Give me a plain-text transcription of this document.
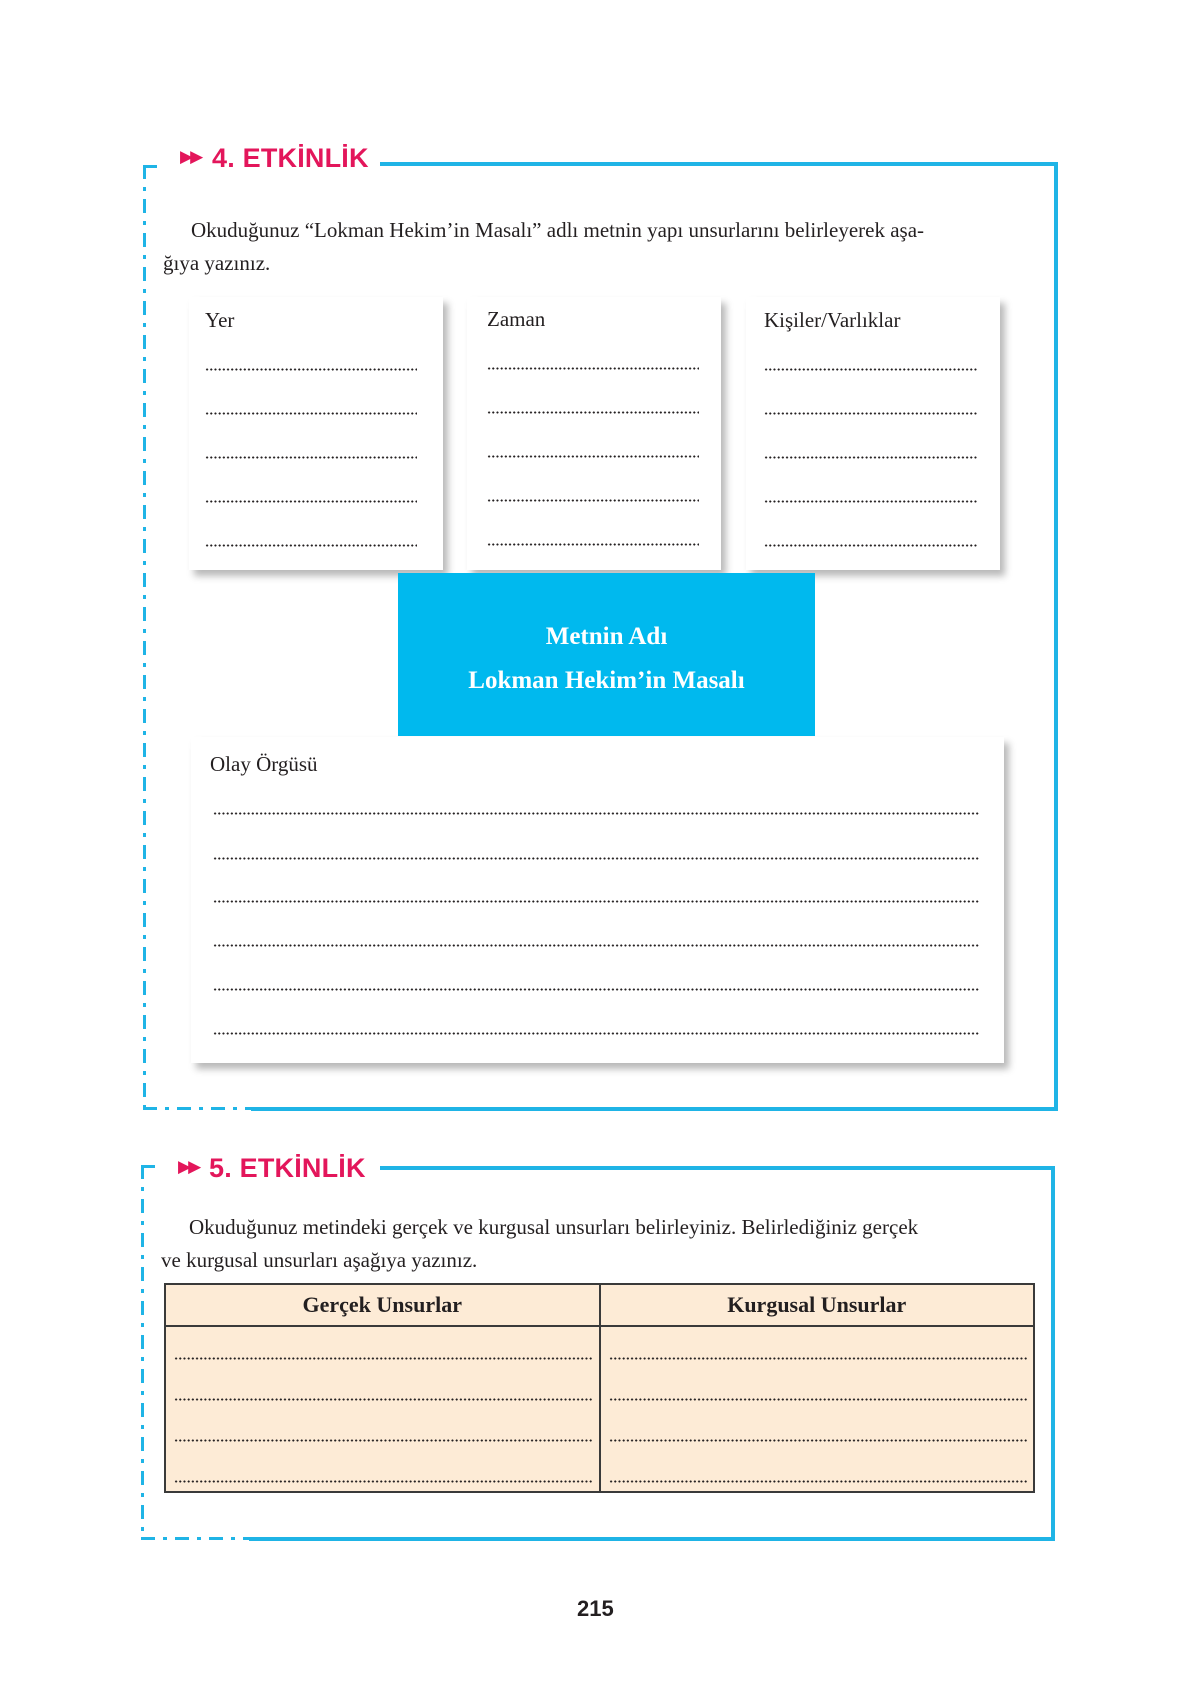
▶▶ 4. ETKİNLİK
Okuduğunuz “Lokman Hekim’in Masalı” adlı metnin yapı unsurlarını belirleyerek aşa-
ğıya yazınız.
Yer	Zaman	Kişiler/Varlıklar
Metnin Adı
Lokman Hekim’in Masalı
Olay Örgüsü
▶▶ 5. ETKİNLİK
Okuduğunuz metindeki gerçek ve kurgusal unsurları belirleyiniz. Belirlediğiniz gerçek
ve kurgusal unsurları aşağıya yazınız.
Gerçek Unsurlar	Kurgusal Unsurlar

215
